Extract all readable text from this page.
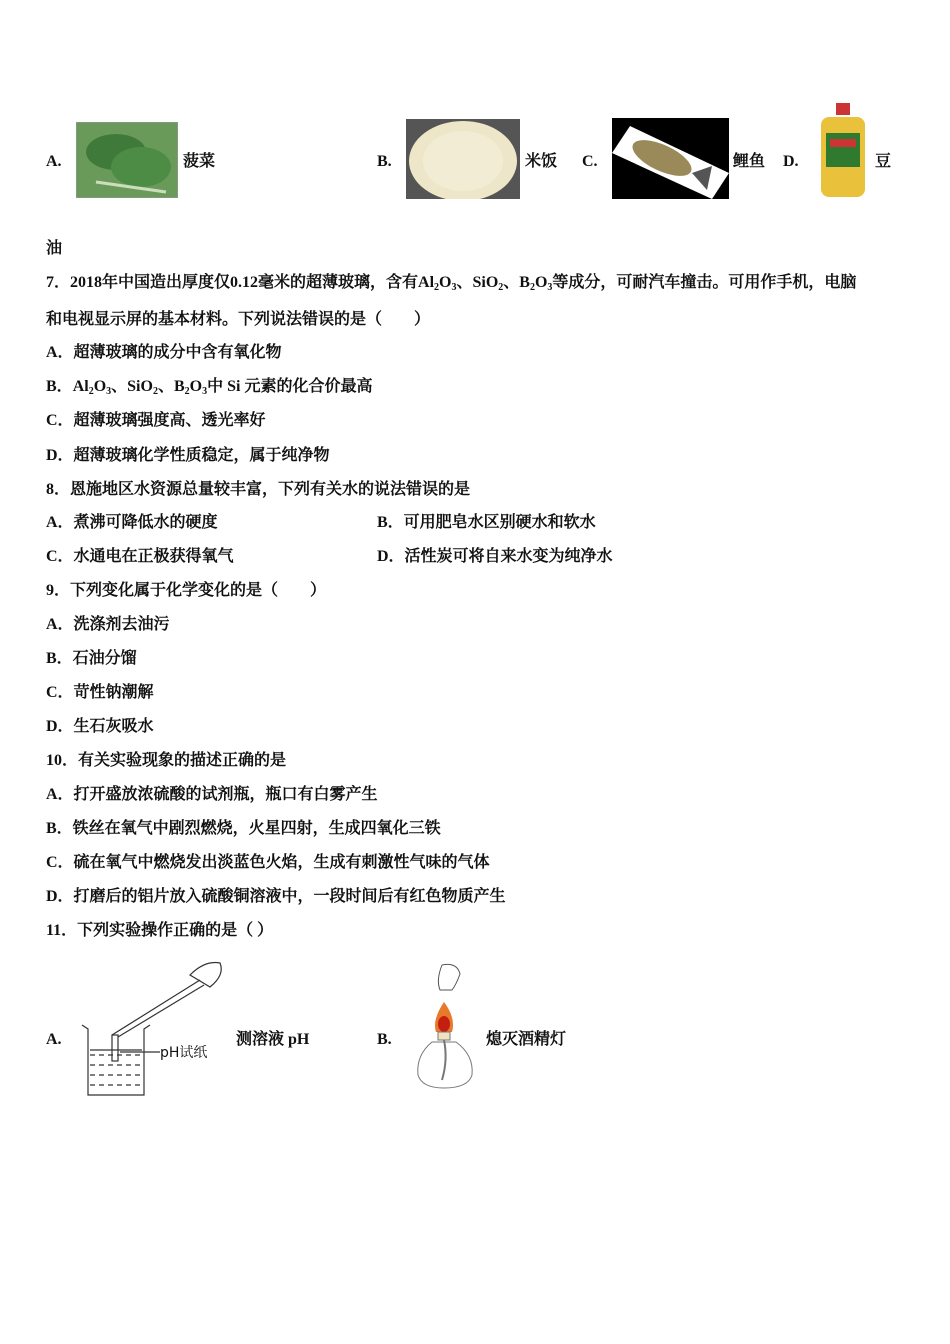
A.	菠菜	B.	米饭 C.	鲤鱼 D.	豆
油
7．2018年中国造出厚度仅0.12毫米的超薄玻璃，含有$Al_2O_3$、SiO$_2$、$B_2O_3$等成分，可耐汽车撞击。可用作手机，电脑
和电视显示屏的基本材料。下列说法错误的是（　　）
A．超薄玻璃的成分中含有氧化物
B．$Al_2O_3$、SiO$_2$、$B_2O_3$中 Si 元素的化合价最高
C．超薄玻璃强度高、透光率好
D．超薄玻璃化学性质稳定，属于纯净物
8．恩施地区水资源总量较丰富，下列有关水的说法错误的是
A．煮沸可降低水的硬度	B．可用肥皂水区别硬水和软水
C．水通电在正极获得氧气	D．活性炭可将自来水变为纯净水
9．下列变化属于化学变化的是（　　）
A．洗涤剂去油污
B．石油分馏
C．苛性钠潮解
D．生石灰吸水
10．有关实验现象的描述正确的是
A．打开盛放浓硫酸的试剂瓶，瓶口有白雾产生
B．铁丝在氧气中剧烈燃烧，火星四射，生成四氧化三铁
C．硫在氧气中燃烧发出淡蓝色火焰，生成有刺激性气味的气体
D．打磨后的铝片放入硫酸铜溶液中，一段时间后有红色物质产生
11．下列实验操作正确的是（ ）
A.
pH试纸
测溶液 pH	B.	熄灭酒精灯
